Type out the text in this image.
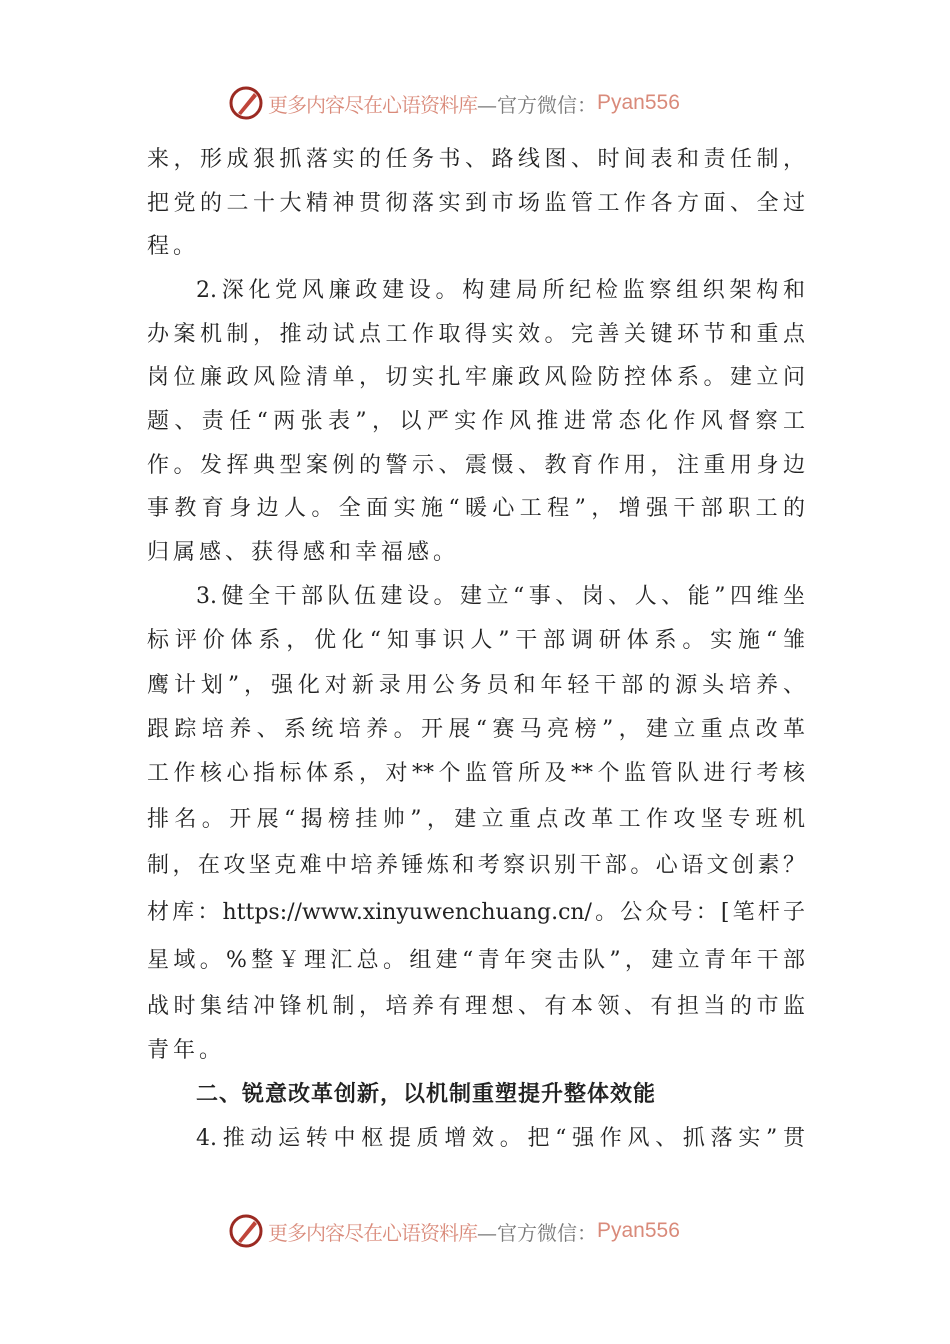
更多内容尽在心语资料库 —官方微信： Pyan556
来，形成狠抓落实的任务书、路线图、时间表和责任制，
把党的二十大精神贯彻落实到市场监管工作各方面、全过
程。
2.深化党风廉政建设。构建局所纪检监察组织架构和
办案机制，推动试点工作取得实效。完善关键环节和重点
岗位廉政风险清单，切实扎牢廉政风险防控体系。建立问
题、责任“两张表”，以严实作风推进常态化作风督察工
作。发挥典型案例的警示、震慑、教育作用，注重用身边
事教育身边人。全面实施“暖心工程”，增强干部职工的
归属感、获得感和幸福感。
3.健全干部队伍建设。建立“事、岗、人、能”四维坐
标评价体系，优化“知事识人”干部调研体系。实施“雏
鹰计划”，强化对新录用公务员和年轻干部的源头培养、
跟踪培养、系统培养。开展“赛马亮榜”，建立重点改革
工作核心指标体系，对**个监管所及**个监管队进行考核
排名。开展“揭榜挂帅”，建立重点改革工作攻坚专班机
制，在攻坚克难中培养锤炼和考察识别干部。心语文创素？
材库：https://www.xinyuwenchuang.cn/。公众号：[笔杆子
星域。%整￥理汇总。组建“青年突击队”，建立青年干部
战时集结冲锋机制，培养有理想、有本领、有担当的市监
青年。
二、锐意改革创新，以机制重塑提升整体效能
4.推动运转中枢提质增效。把“强作风、抓落实”贯
更多内容尽在心语资料库 —官方微信： Pyan556
